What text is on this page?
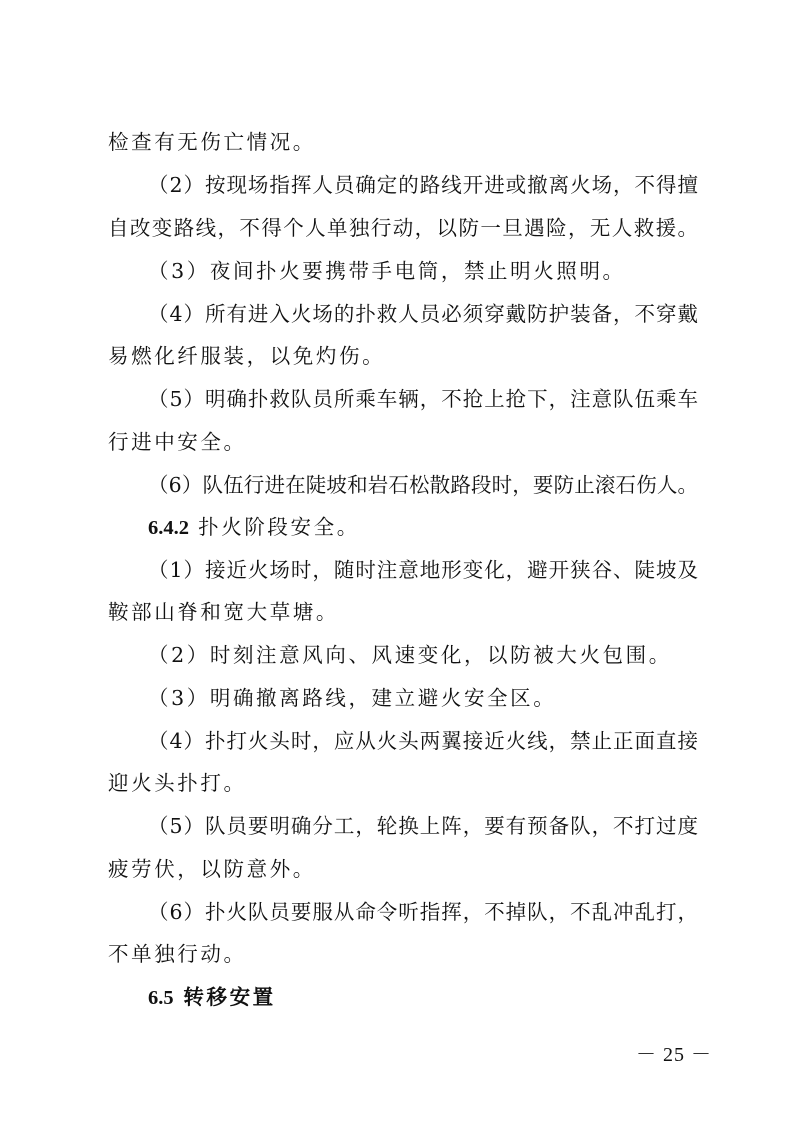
检查有无伤亡情况。
（2）按现场指挥人员确定的路线开进或撤离火场，不得擅
自改变路线，不得个人单独行动，以防一旦遇险，无人救援。
（3）夜间扑火要携带手电筒，禁止明火照明。
（4）所有进入火场的扑救人员必须穿戴防护装备，不穿戴
易燃化纤服装，以免灼伤。
（5）明确扑救队员所乘车辆，不抢上抢下，注意队伍乘车
行进中安全。
（6）队伍行进在陡坡和岩石松散路段时，要防止滚石伤人。
6.4.2 扑火阶段安全。
（1）接近火场时，随时注意地形变化，避开狭谷、陡坡及
鞍部山脊和宽大草塘。
（2）时刻注意风向、风速变化，以防被大火包围。
（3）明确撤离路线，建立避火安全区。
（4）扑打火头时，应从火头两翼接近火线，禁止正面直接
迎火头扑打。
（5）队员要明确分工，轮换上阵，要有预备队，不打过度
疲劳伏，以防意外。
（6）扑火队员要服从命令听指挥，不掉队，不乱冲乱打，
不单独行动。
6.5 转移安置
－ 25 －
